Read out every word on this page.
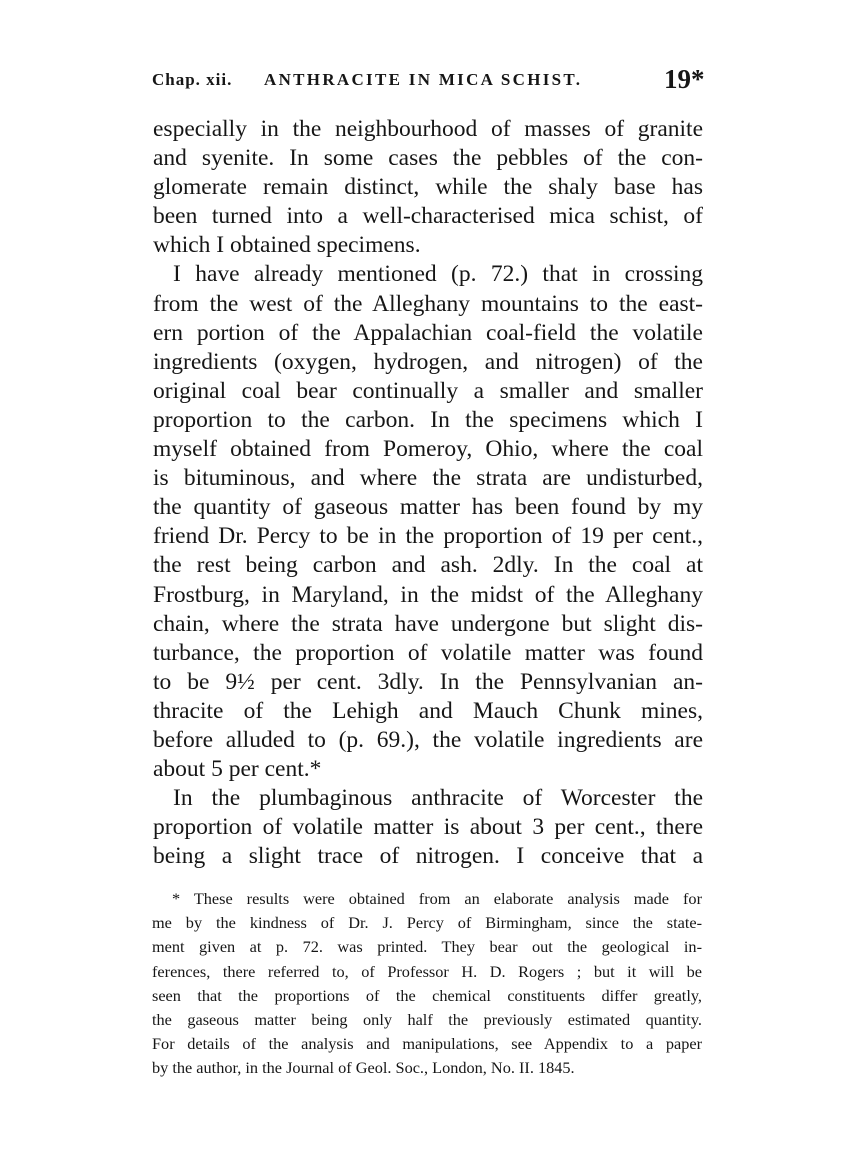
Chap. xii. ANTHRACITE IN MICA SCHIST.	19*
especially in the neighbourhood of masses of granite
and syenite. In some cases the pebbles of the con-
glomerate remain distinct, while the shaly base has
been turned into a well-characterised mica schist, of
which I obtained specimens.
I have already mentioned (p. 72.) that in crossing
from the west of the Alleghany mountains to the east-
ern portion of the Appalachian coal-field the volatile
ingredients (oxygen, hydrogen, and nitrogen) of the
original coal bear continually a smaller and smaller
proportion to the carbon. In the specimens which I
myself obtained from Pomeroy, Ohio, where the coal
is bituminous, and where the strata are undisturbed,
the quantity of gaseous matter has been found by my
friend Dr. Percy to be in the proportion of 19 per cent.,
the rest being carbon and ash. 2dly. In the coal at
Frostburg, in Maryland, in the midst of the Alleghany
chain, where the strata have undergone but slight dis-
turbance, the proportion of volatile matter was found
to be 9½ per cent. 3dly. In the Pennsylvanian an-
thracite of the Lehigh and Mauch Chunk mines,
before alluded to (p. 69.), the volatile ingredients are
about 5 per cent.*
In the plumbaginous anthracite of Worcester the
proportion of volatile matter is about 3 per cent., there
being a slight trace of nitrogen. I conceive that a
* These results were obtained from an elaborate analysis made for
me by the kindness of Dr. J. Percy of Birmingham, since the state-
ment given at p. 72. was printed. They bear out the geological in-
ferences, there referred to, of Professor H. D. Rogers ; but it will be
seen that the proportions of the chemical constituents differ greatly,
the gaseous matter being only half the previously estimated quantity.
For details of the analysis and manipulations, see Appendix to a paper
by the author, in the Journal of Geol. Soc., London, No. II. 1845.
